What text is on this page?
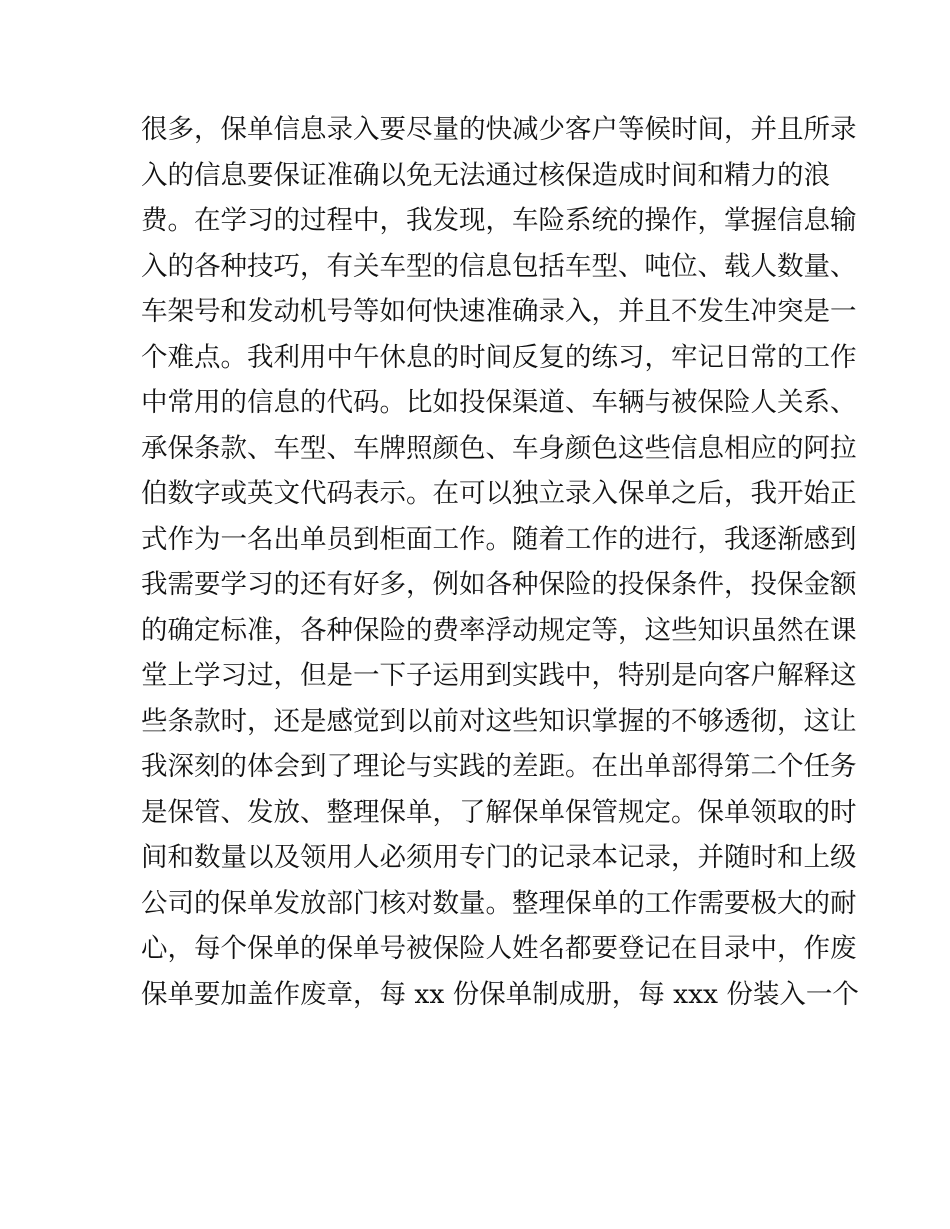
很多，保单信息录入要尽量的快减少客户等候时间，并且所录
入的信息要保证准确以免无法通过核保造成时间和精力的浪
费。在学习的过程中，我发现，车险系统的操作，掌握信息输
入的各种技巧，有关车型的信息包括车型、吨位、载人数量、
车架号和发动机号等如何快速准确录入，并且不发生冲突是一
个难点。我利用中午休息的时间反复的练习，牢记日常的工作
中常用的信息的代码。比如投保渠道、车辆与被保险人关系、
承保条款、车型、车牌照颜色、车身颜色这些信息相应的阿拉
伯数字或英文代码表示。在可以独立录入保单之后，我开始正
式作为一名出单员到柜面工作。随着工作的进行，我逐渐感到
我需要学习的还有好多，例如各种保险的投保条件，投保金额
的确定标准，各种保险的费率浮动规定等，这些知识虽然在课
堂上学习过，但是一下子运用到实践中，特别是向客户解释这
些条款时，还是感觉到以前对这些知识掌握的不够透彻，这让
我深刻的体会到了理论与实践的差距。在出单部得第二个任务
是保管、发放、整理保单，了解保单保管规定。保单领取的时
间和数量以及领用人必须用专门的记录本记录，并随时和上级
公司的保单发放部门核对数量。整理保单的工作需要极大的耐
心，每个保单的保单号被保险人姓名都要登记在目录中，作废
保单要加盖作废章，每 xx 份保单制成册，每 xxx 份装入一个
